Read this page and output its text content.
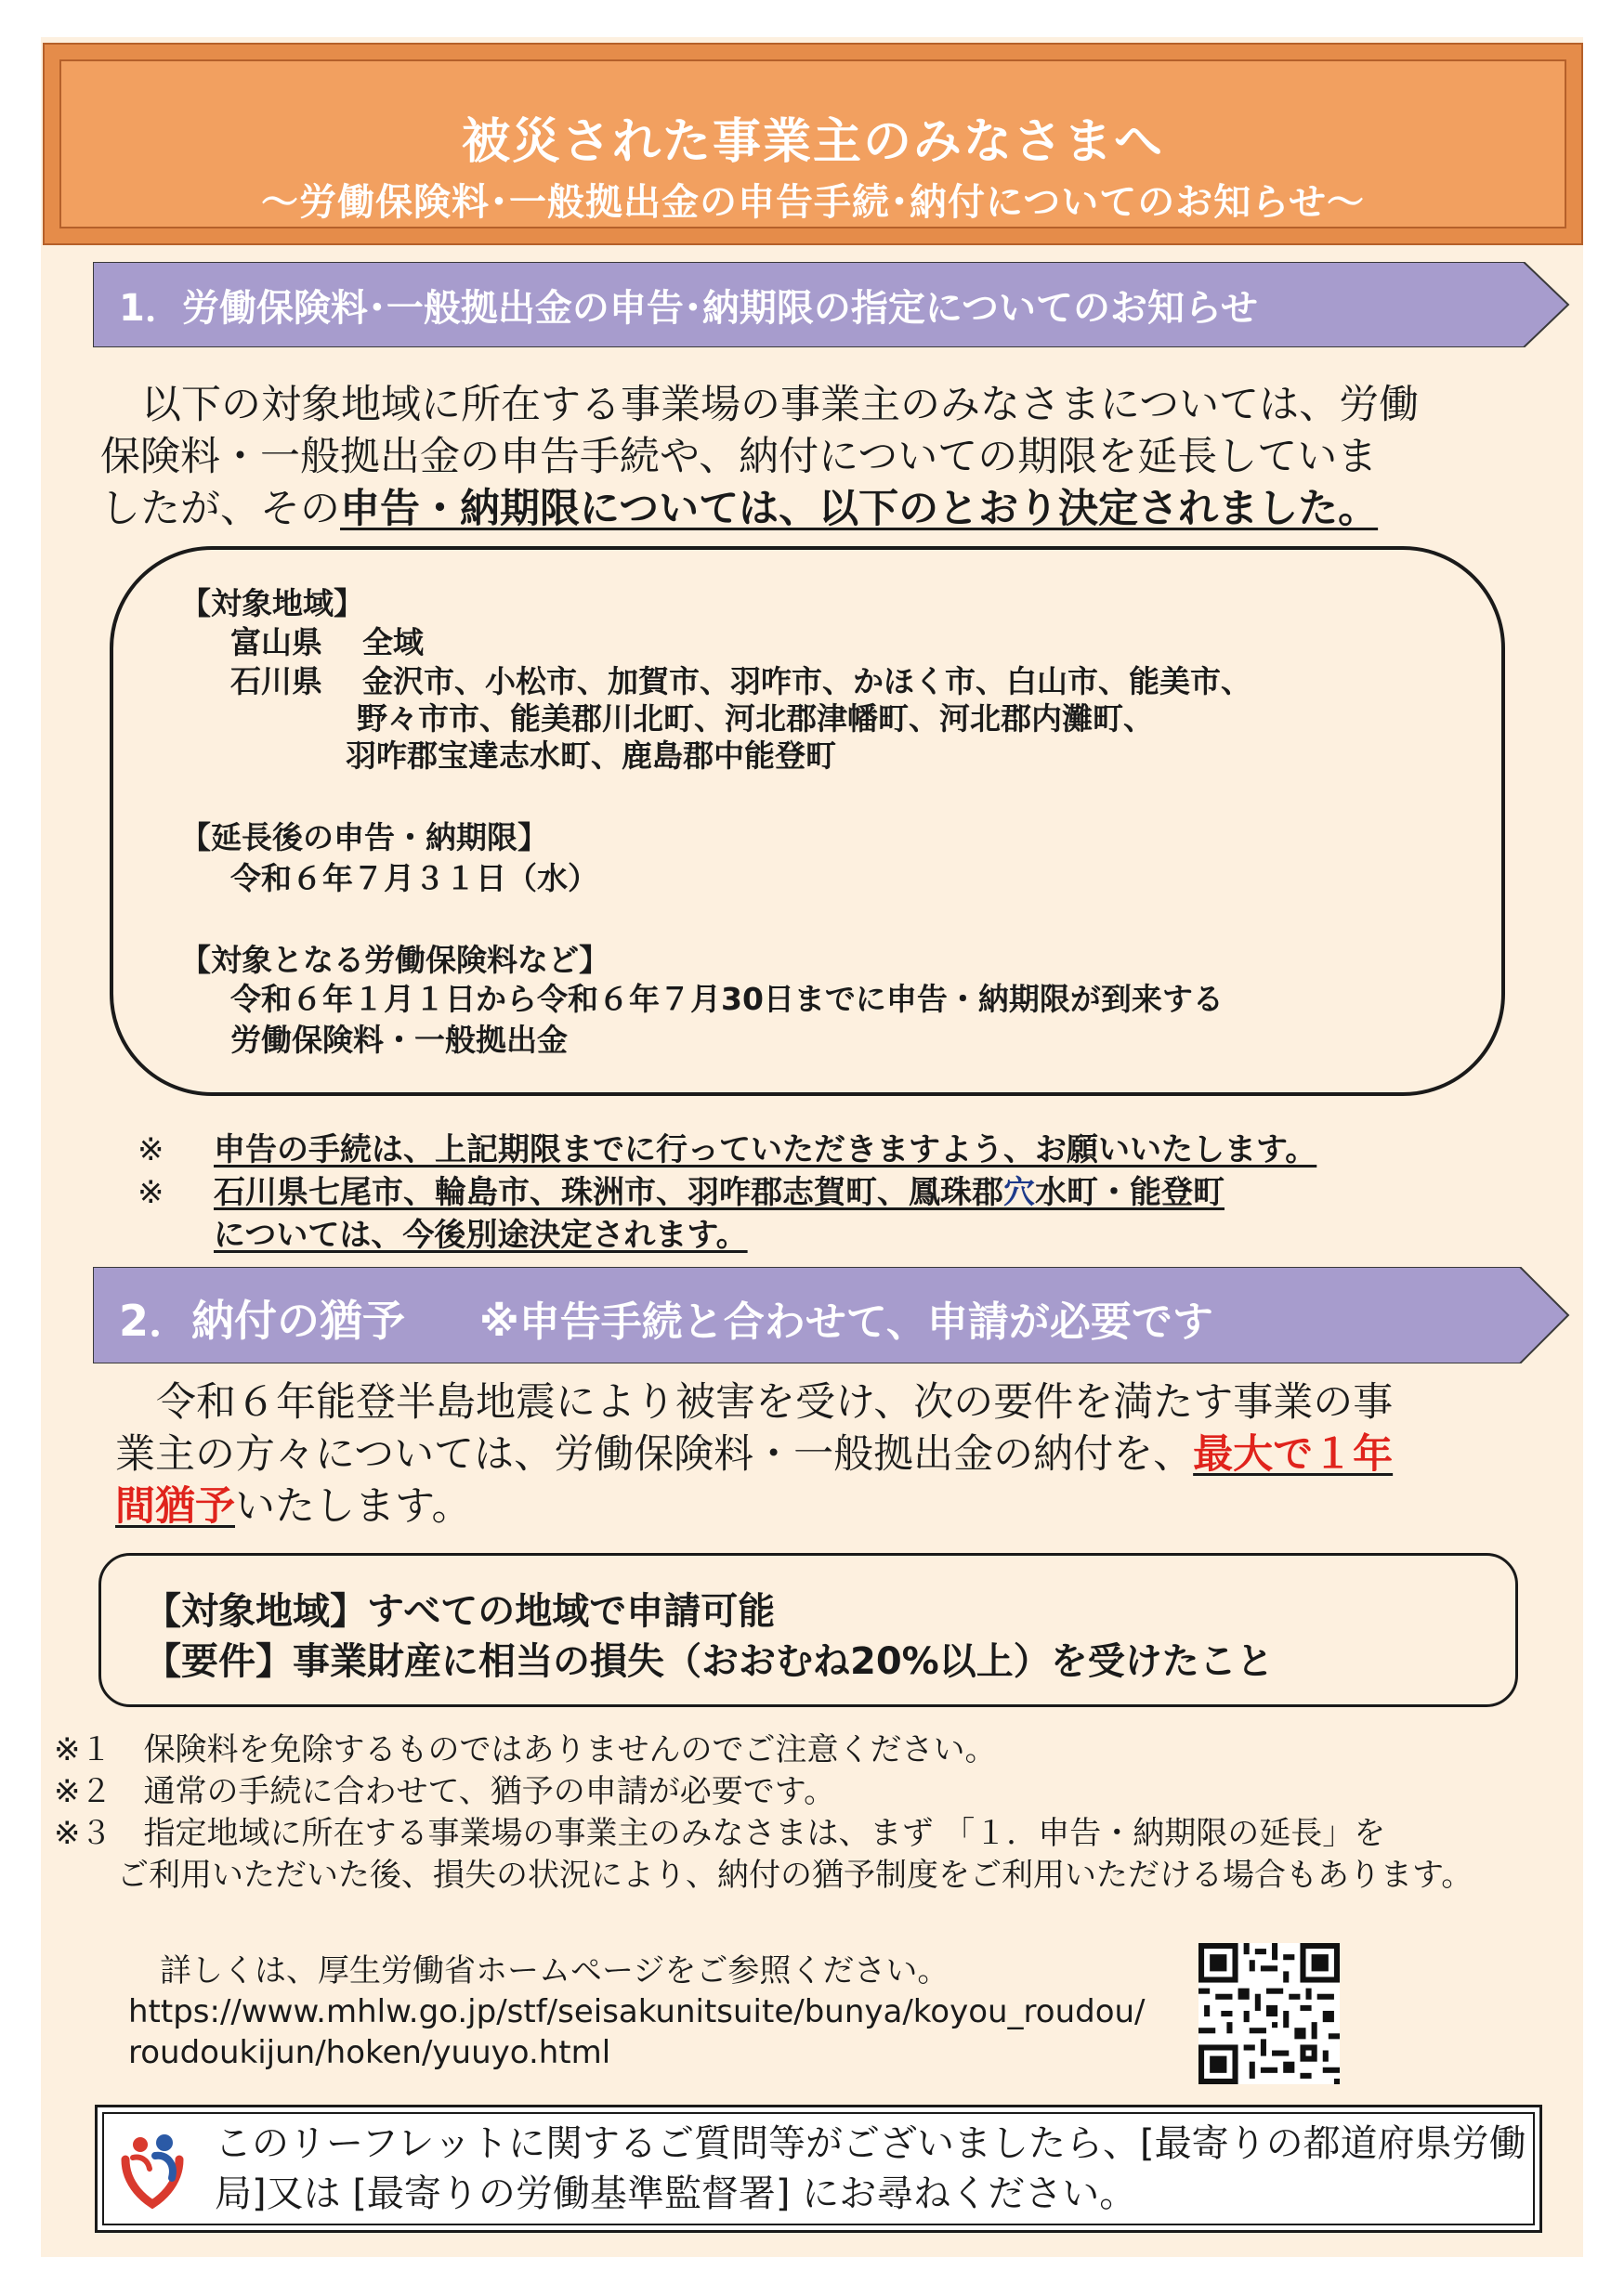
被災された事業主のみなさまへ
～労働保険料･一般拠出金の申告手続･納付についてのお知らせ～
1．労働保険料･一般拠出金の申告･納期限の指定についてのお知らせ
以下の対象地域に所在する事業場の事業主のみなさまについては、労働
保険料・一般拠出金の申告手続や、納付についての期限を延長していま
したが、その申告・納期限については、以下のとおり決定されました。
【対象地域】
富山県 全域
石川県 金沢市、小松市、加賀市、羽咋市、かほく市、白山市、能美市、
野々市市、能美郡川北町、河北郡津幡町、河北郡内灘町、
羽咋郡宝達志水町、鹿島郡中能登町
【延長後の申告・納期限】
令和６年７月３１日（水）
【対象となる労働保険料など】
令和６年１月１日から令和６年７月30日までに申告・納期限が到来する
労働保険料・一般拠出金
※ 申告の手続は、上記期限までに行っていただきますよう、お願いいたします。
※ 石川県七尾市、輪島市、珠洲市、羽咋郡志賀町、鳳珠郡穴水町・能登町
については、今後別途決定されます。
2．納付の猶予 ※申告手続と合わせて、申請が必要です
令和６年能登半島地震により被害を受け、次の要件を満たす事業の事
業主の方々については、労働保険料・一般拠出金の納付を、最大で１年
間猶予いたします。
【対象地域】すべての地域で申請可能
【要件】事業財産に相当の損失（おおむね20%以上）を受けたこと
※１　保険料を免除するものではありませんのでご注意ください。
※２　通常の手続に合わせて、猶予の申請が必要です。
※３　指定地域に所在する事業場の事業主のみなさまは、まず 「１．申告・納期限の延長」を
　　ご利用いただいた後、損失の状況により、納付の猶予制度をご利用いただける場合もあります。
詳しくは、厚生労働省ホームページをご参照ください。
https://www.mhlw.go.jp/stf/seisakunitsuite/bunya/koyou_roudou/
roudoukijun/hoken/yuuyo.html
このリーフレットに関するご質問等がございましたら、[最寄りの都道府県労働
局]又は [最寄りの労働基準監督署] にお尋ねください。
